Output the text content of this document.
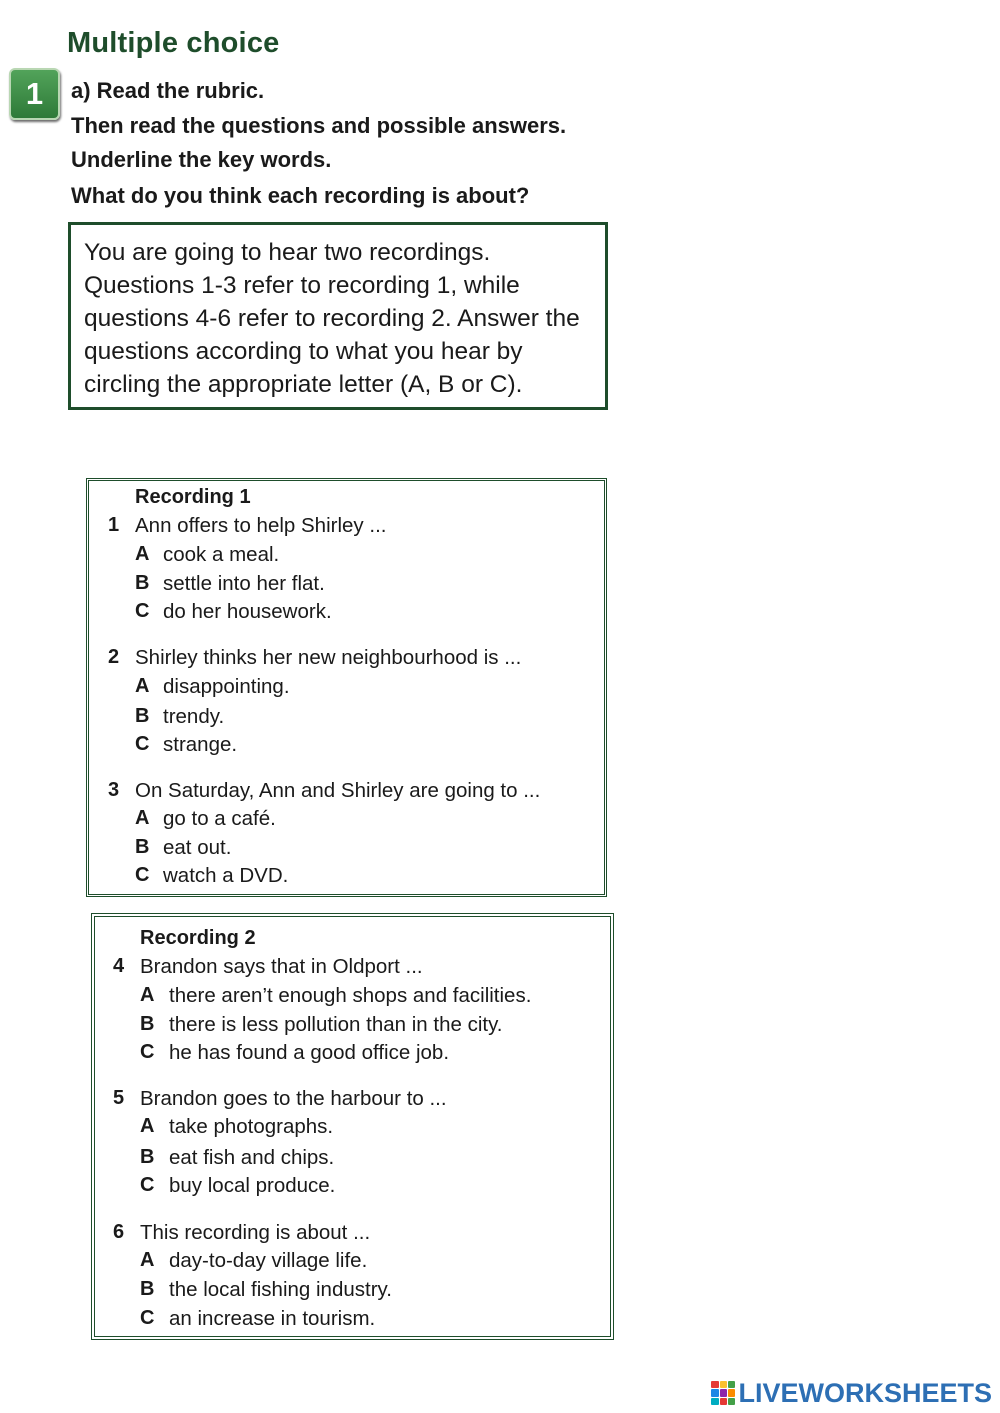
Multiple choice
1	a) Read the rubric.
Then read the questions and possible answers.
Underline the key words.
What do you think each recording is about?

You are going to hear two recordings.
Questions 1-3 refer to recording 1, while
questions 4-6 refer to recording 2. Answer the
questions according to what you hear by
circling the appropriate letter (A, B or C).

Recording 1
1 Ann offers to help Shirley ...
A cook a meal.
B settle into her flat.
C do her housework.
2 Shirley thinks her new neighbourhood is ...
A disappointing.
B trendy.
C strange.
3 On Saturday, Ann and Shirley are going to ...
A go to a café.
B eat out.
C watch a DVD.
Recording 2
4 Brandon says that in Oldport ...
A there aren’t enough shops and facilities.
B there is less pollution than in the city.
C he has found a good office job.
5 Brandon goes to the harbour to ...
A take photographs.
B eat fish and chips.
C buy local produce.
6 This recording is about ...
A day-to-day village life.
B the local fishing industry.
C an increase in tourism.
LIVEWORKSHEETS
